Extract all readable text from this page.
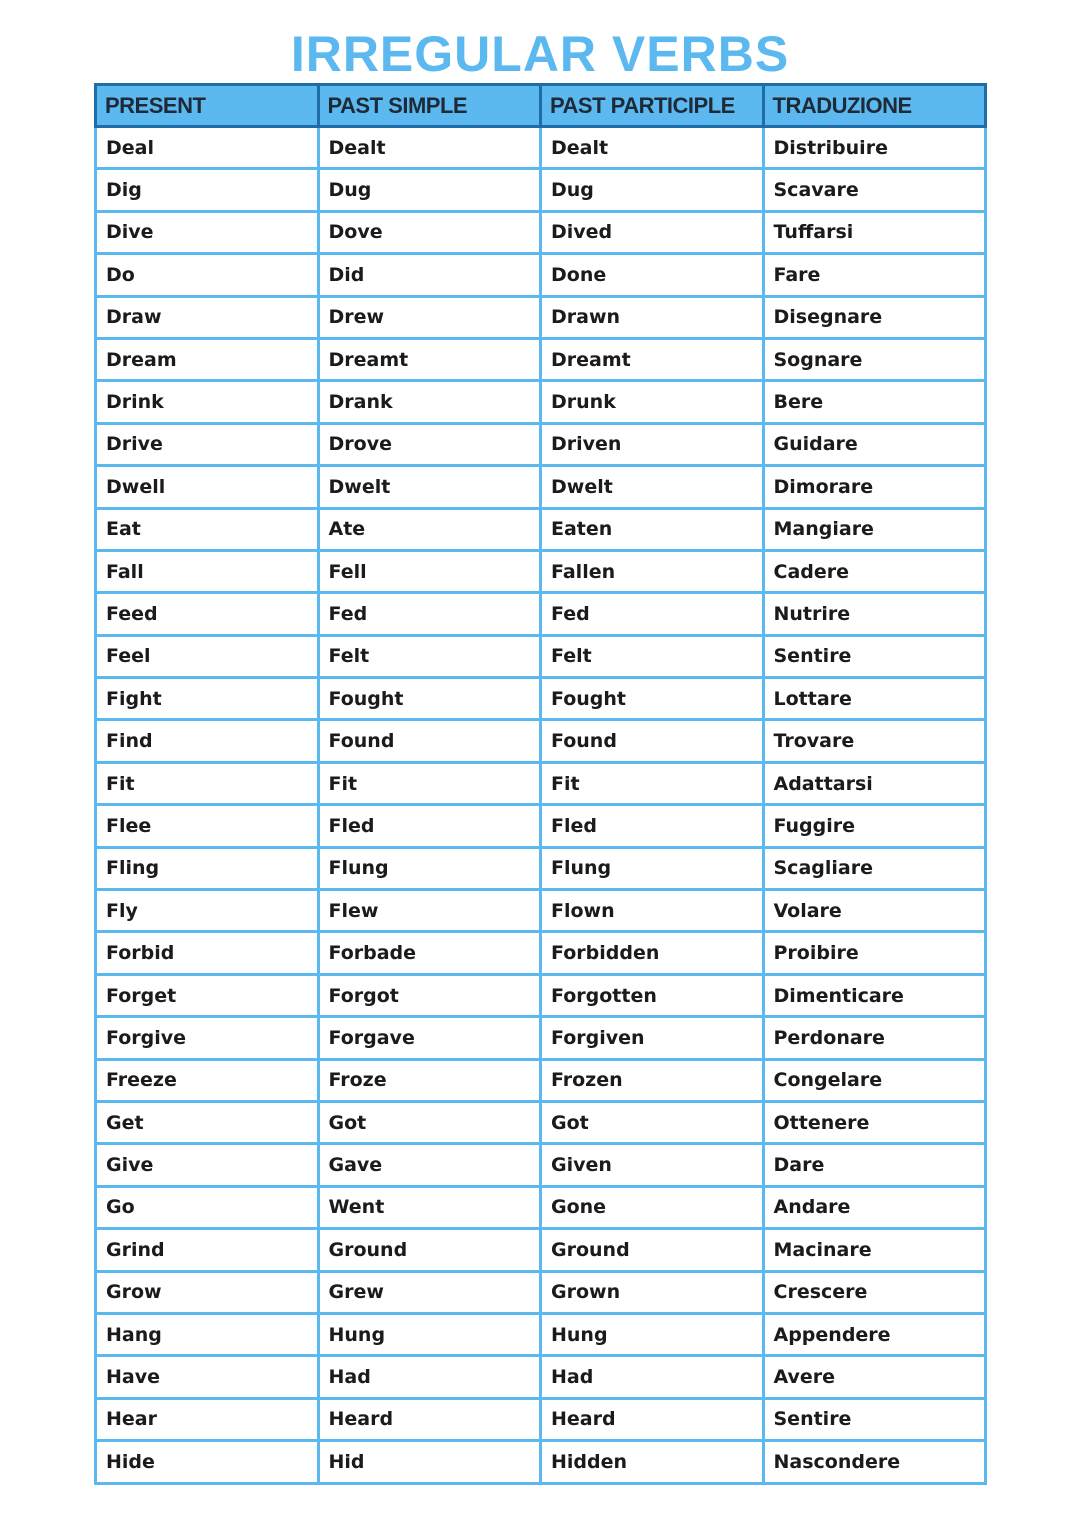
IRREGULAR VERBS
PRESENT	PAST SIMPLE	PAST PARTICIPLE	TRADUZIONE
Deal	Dealt	Dealt	Distribuire
Dig	Dug	Dug	Scavare
Dive	Dove	Dived	Tuffarsi
Do	Did	Done	Fare
Draw	Drew	Drawn	Disegnare
Dream	Dreamt	Dreamt	Sognare
Drink	Drank	Drunk	Bere
Drive	Drove	Driven	Guidare
Dwell	Dwelt	Dwelt	Dimorare
Eat	Ate	Eaten	Mangiare
Fall	Fell	Fallen	Cadere
Feed	Fed	Fed	Nutrire
Feel	Felt	Felt	Sentire
Fight	Fought	Fought	Lottare
Find	Found	Found	Trovare
Fit	Fit	Fit	Adattarsi
Flee	Fled	Fled	Fuggire
Fling	Flung	Flung	Scagliare
Fly	Flew	Flown	Volare
Forbid	Forbade	Forbidden	Proibire
Forget	Forgot	Forgotten	Dimenticare
Forgive	Forgave	Forgiven	Perdonare
Freeze	Froze	Frozen	Congelare
Get	Got	Got	Ottenere
Give	Gave	Given	Dare
Go	Went	Gone	Andare
Grind	Ground	Ground	Macinare
Grow	Grew	Grown	Crescere
Hang	Hung	Hung	Appendere
Have	Had	Had	Avere
Hear	Heard	Heard	Sentire
Hide	Hid	Hidden	Nascondere
